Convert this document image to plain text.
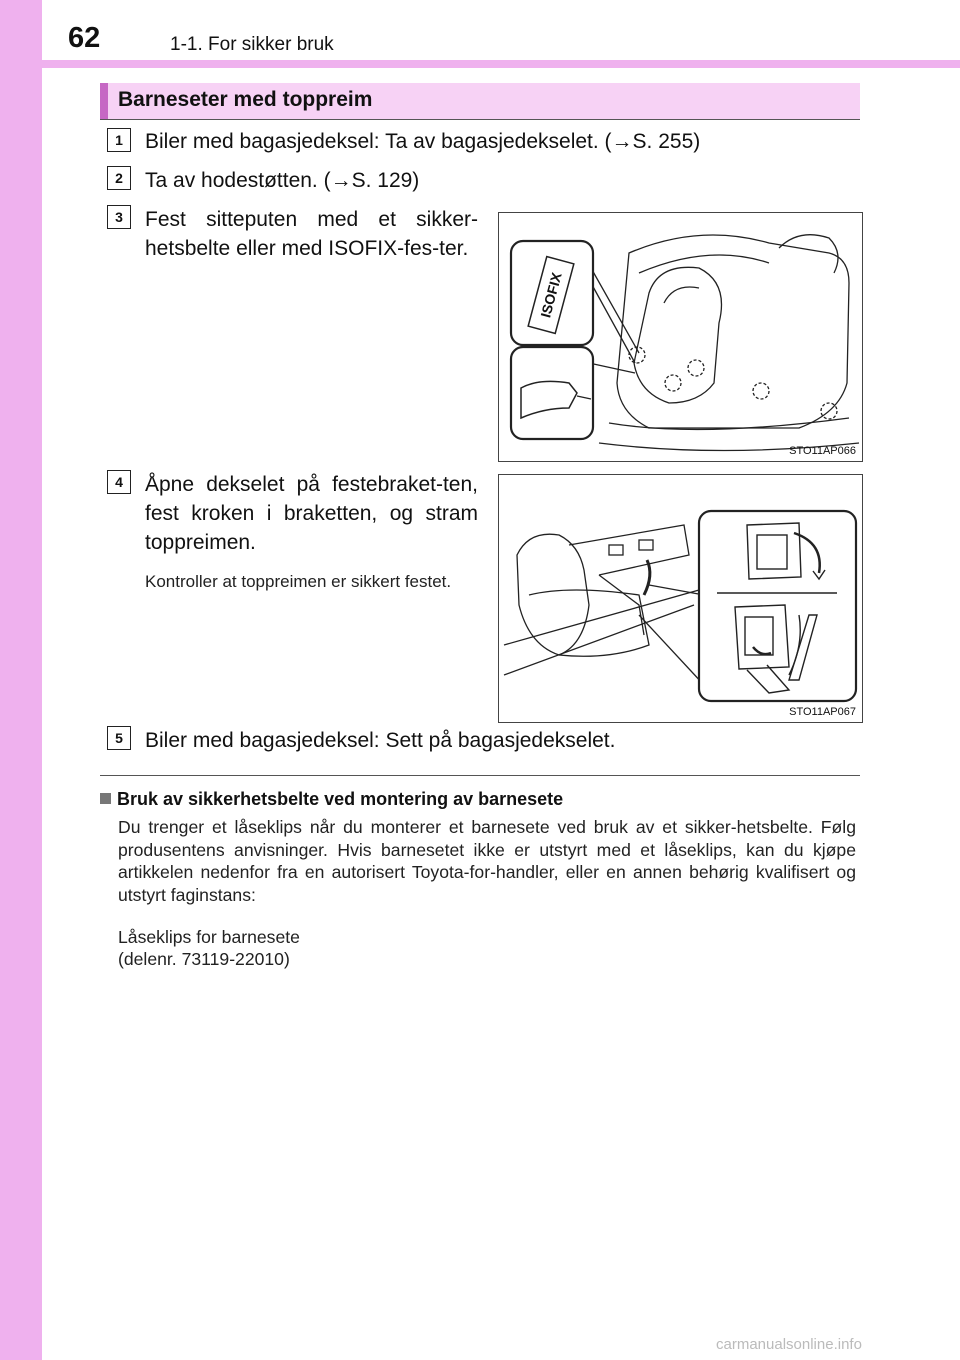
62	1-1. For sikker bruk
Barneseter med toppreim
1	Biler med bagasjedeksel: Ta av bagasjedekselet. (→S. 255)
2	Ta av hodestøtten. (→S. 129)
3	Fest sitteputen med et sikker-hetsbelte eller med ISOFIX-fes-ter.
ISOFIX
STO11AP066
4	Åpne dekselet på festebraket-ten, fest kroken i braketten, og stram toppreimen.
Kontroller at toppreimen er sikkert festet.
STO11AP067
5	Biler med bagasjedeksel: Sett på bagasjedekselet.
Bruk av sikkerhetsbelte ved montering av barnesete
Du trenger et låseklips når du monterer et barnesete ved bruk av et sikker-hetsbelte. Følg produsentens anvisninger. Hvis barnesetet ikke er utstyrt med et låseklips, kan du kjøpe artikkelen nedenfor fra en autorisert Toyota-for-handler, eller en annen behørig kvalifisert og utstyrt faginstans:
Låseklips for barnesete
(delenr. 73119-22010)
carmanualsonline.info
